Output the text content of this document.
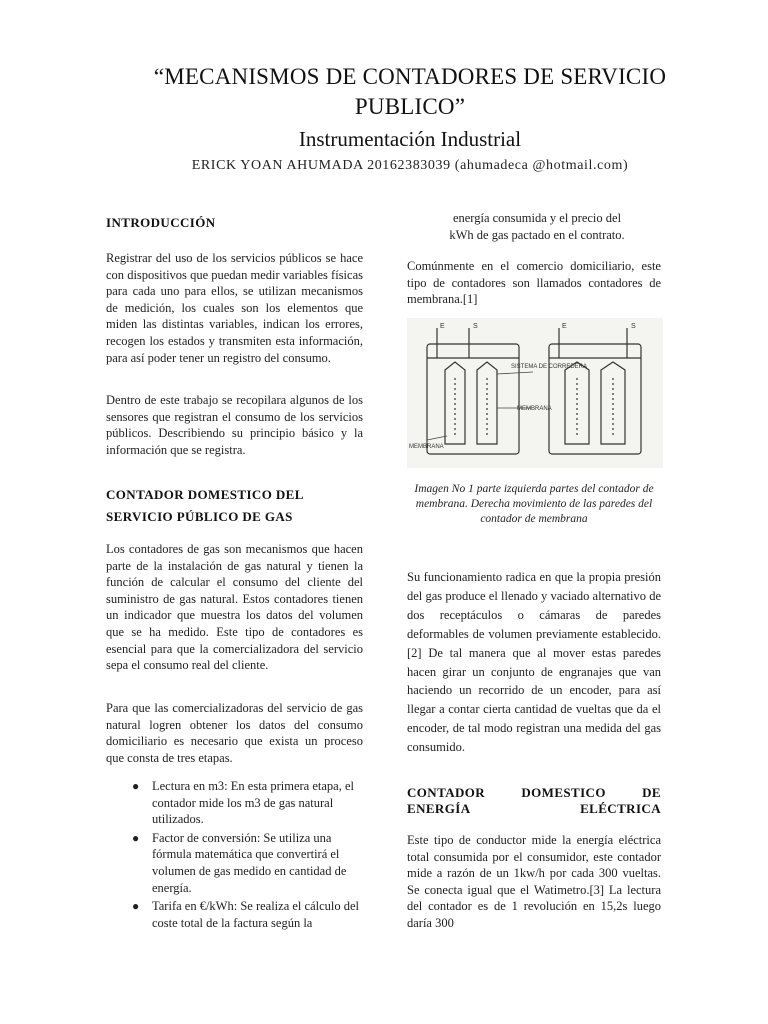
“MECANISMOS DE CONTADORES DE SERVICIO PUBLICO”
Instrumentación Industrial
ERICK YOAN AHUMADA 20162383039 (ahumadeca @hotmail.com)
INTRODUCCIÓN

Registrar del uso de los servicios públicos se hace con dispositivos que puedan medir variables físicas para cada uno para ellos, se utilizan mecanismos de medición, los cuales son los elementos que miden las distintas variables, indican los errores, recogen los estados y transmiten esta información, para así poder tener un registro del consumo.

Dentro de este trabajo se recopilara algunos de los sensores que registran el consumo de los servicios públicos. Describiendo su principio básico y la información que se registra.

CONTADOR DOMESTICO DEL SERVICIO PÚBLICO DE GAS

Los contadores de gas son mecanismos que hacen parte de la instalación de gas natural y tienen la función de calcular el consumo del cliente del suministro de gas natural. Estos contadores tienen un indicador que muestra los datos del volumen que se ha medido. Este tipo de contadores es esencial para que la comercializadora del servicio sepa el consumo real del cliente.

Para que las comercializadoras del servicio de gas natural logren obtener los datos del consumo domiciliario es necesario que exista un proceso que consta de tres etapas.

● Lectura en m3: En esta primera etapa, el contador mide los m3 de gas natural utilizados.
● Factor de conversión: Se utiliza una fórmula matemática que convertirá el volumen de gas medido en cantidad de energía.
● Tarifa en €/kWh: Se realiza el cálculo del coste total de la factura según la

energía consumida y el precio del kWh de gas pactado en el contrato.

Comúnmente en el comercio domiciliario, este tipo de contadores son llamados contadores de membrana.[1]

Imagen No 1 parte izquierda partes del contador de membrana. Derecha movimiento de las paredes del contador de membrana

Su funcionamiento radica en que la propia presión del gas produce el llenado y vaciado alternativo de dos receptáculos o cámaras de paredes deformables de volumen previamente establecido.[2] De tal manera que al mover estas paredes hacen girar un conjunto de engranajes que van haciendo un recorrido de un encoder, para así llegar a contar cierta cantidad de vueltas que da el encoder, de tal modo registran una medida del gas consumido.

CONTADOR DOMESTICO DE ENERGÍA ELÉCTRICA

Este tipo de conductor mide la energía eléctrica total consumida por el consumidor, este contador mide a razón de un 1kw/h por cada 300 vueltas. Se conecta igual que el Watimetro.[3] La lectura del contador es de 1 revolución en 15,2s luego daría 300

E	S	E	S
SISTEMA DE CORREDERA
MEMBRANA
MEMBRANA
